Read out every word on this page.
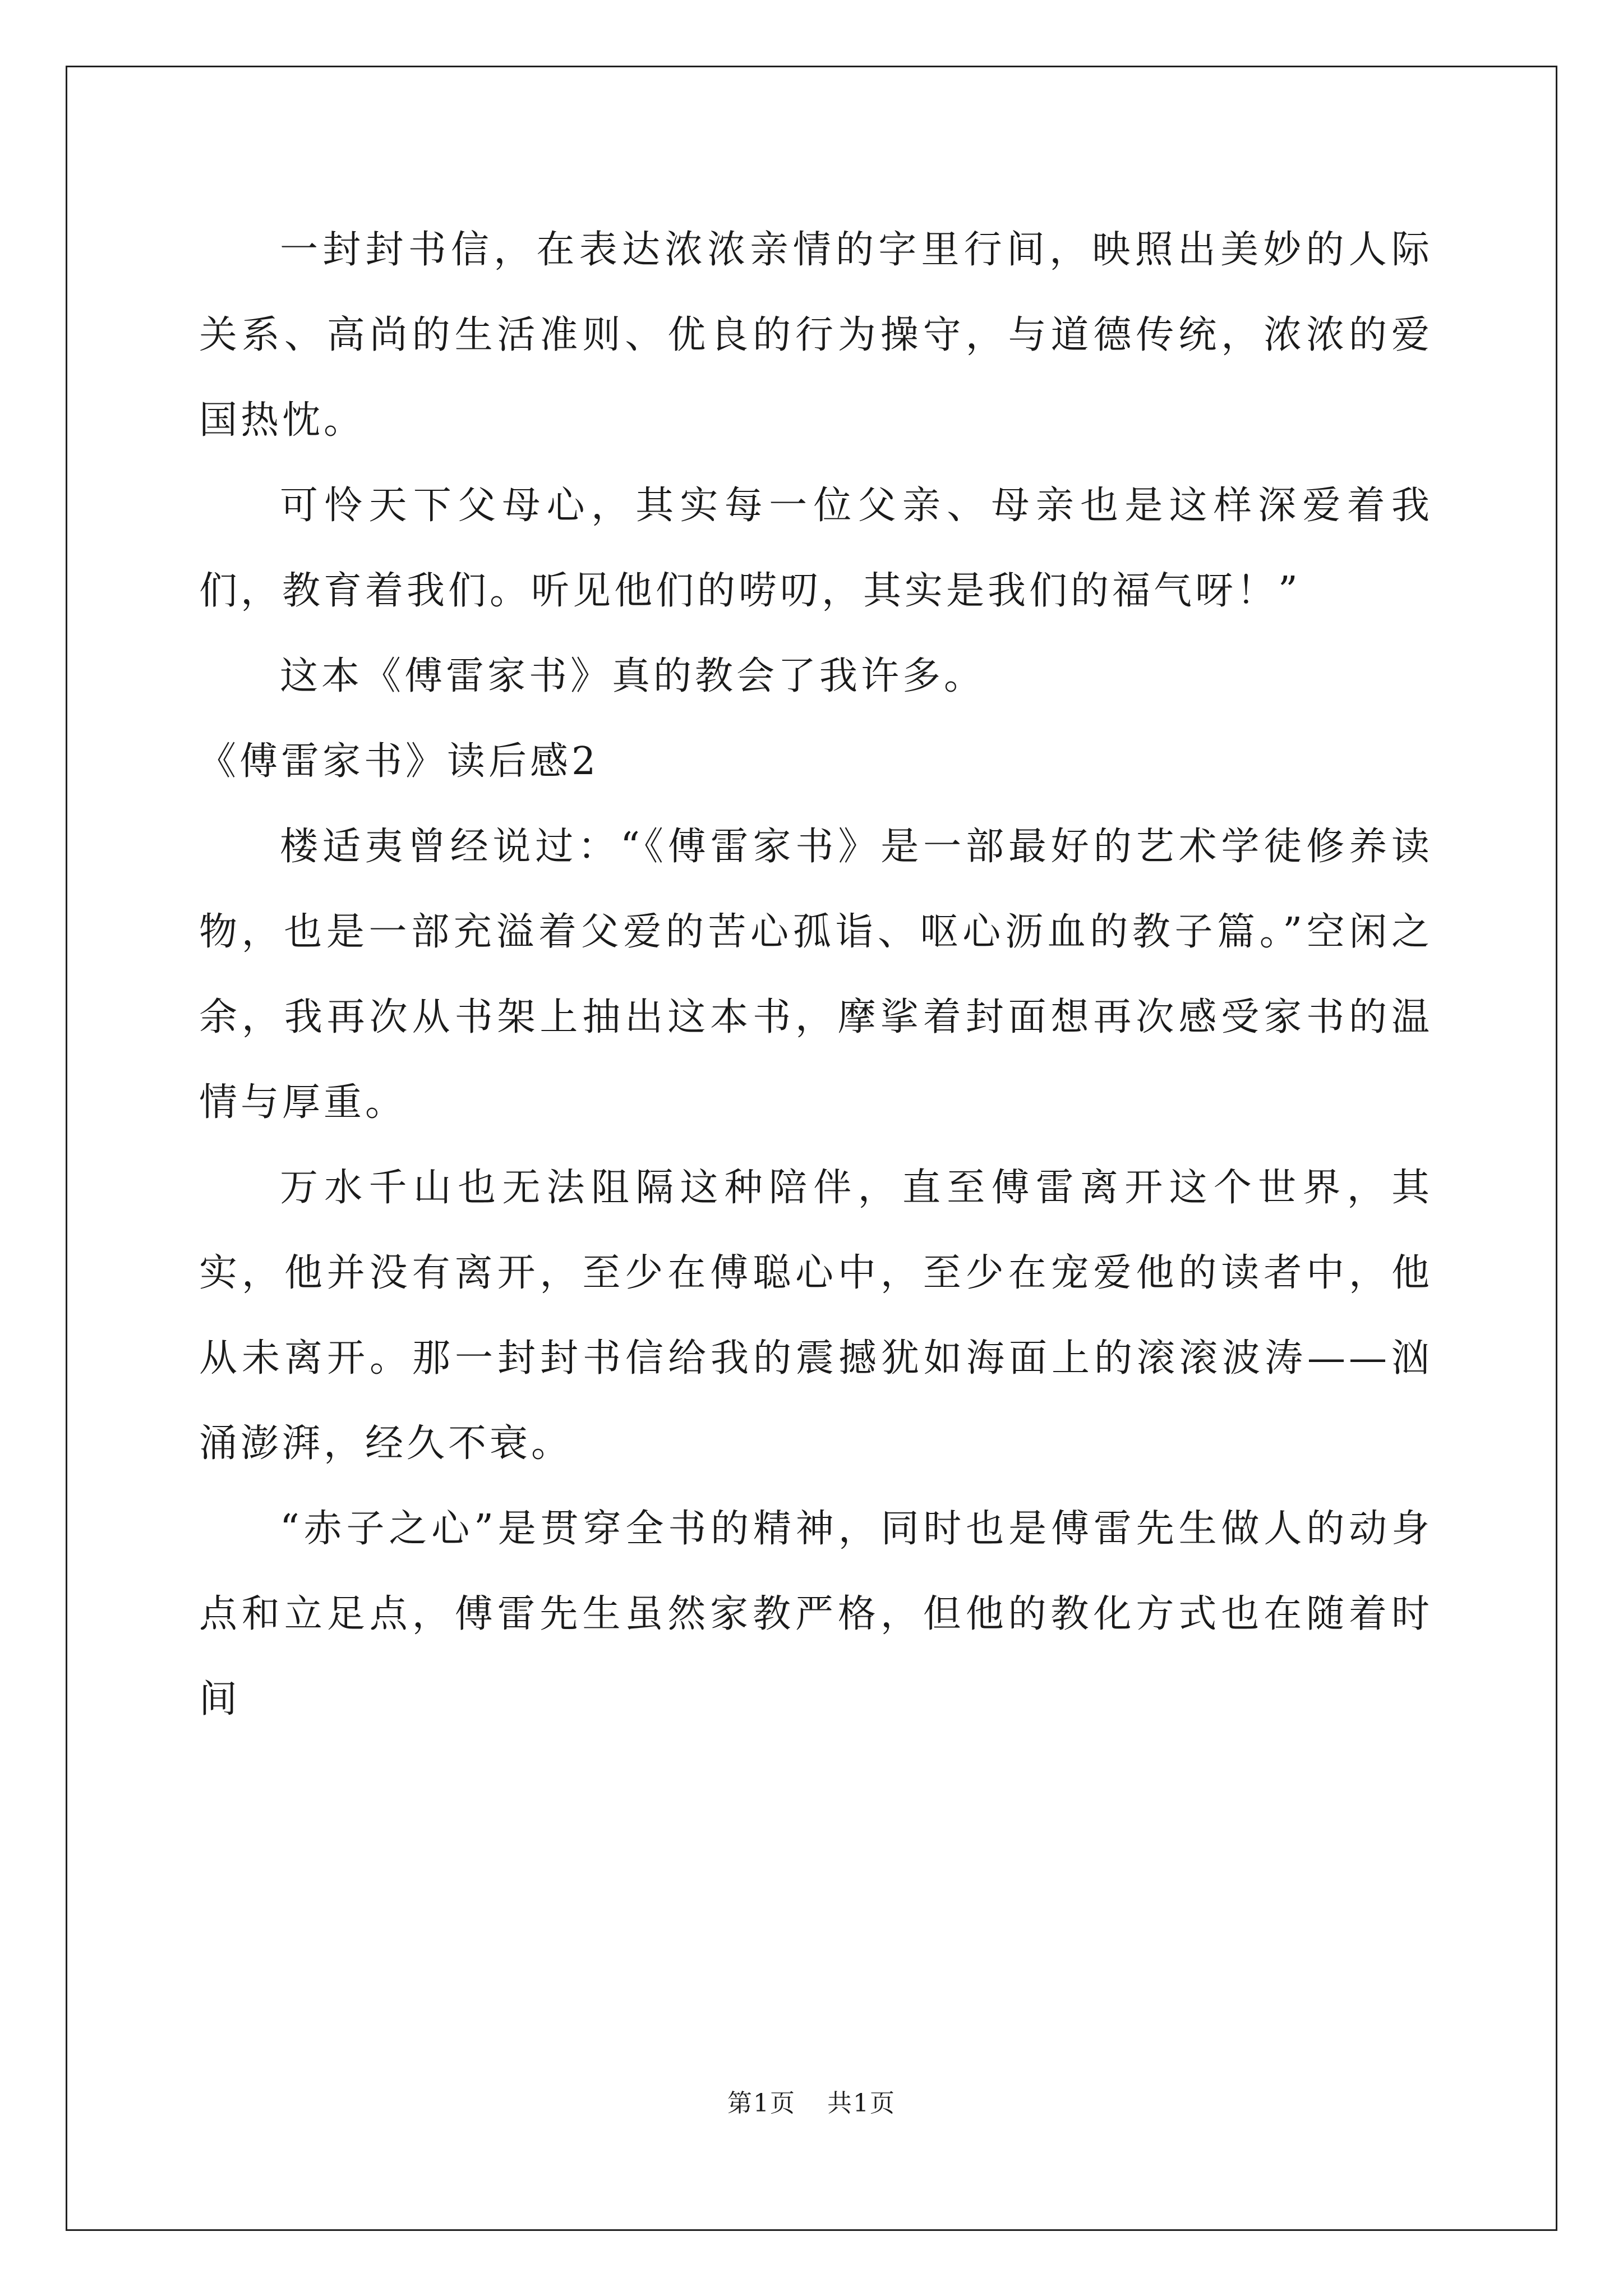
一封封书信，在表达浓浓亲情的字里行间，映照出美妙的人际关系、高尚的生活准则、优良的行为操守，与道德传统，浓浓的爱国热忱。

可怜天下父母心，其实每一位父亲、母亲也是这样深爱着我们，教育着我们。听见他们的唠叨，其实是我们的福气呀！”

这本《傅雷家书》真的教会了我许多。

《傅雷家书》读后感2

楼适夷曾经说过：“《傅雷家书》是一部最好的艺术学徒修养读物，也是一部充溢着父爱的苦心孤诣、呕心沥血的教子篇。”空闲之余，我再次从书架上抽出这本书，摩挲着封面想再次感受家书的温情与厚重。

万水千山也无法阻隔这种陪伴，直至傅雷离开这个世界，其实，他并没有离开，至少在傅聪心中，至少在宠爱他的读者中，他从未离开。那一封封书信给我的震撼犹如海面上的滚滚波涛——汹涌澎湃，经久不衰。

“赤子之心”是贯穿全书的精神，同时也是傅雷先生做人的动身点和立足点，傅雷先生虽然家教严格，但他的教化方式也在随着时间

第1页 共1页
